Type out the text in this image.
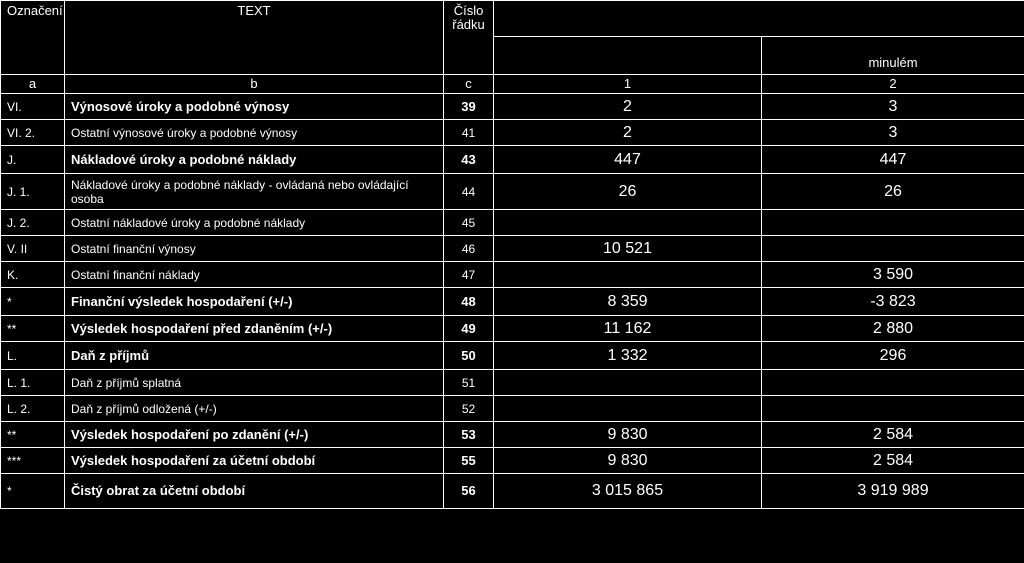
Označení	TEXT	Číslo řádku		
				minulém
a	b	c	1	2
VI.	Výnosové úroky a podobné výnosy	39	2	3
VI. 2.	Ostatní výnosové úroky a podobné výnosy	41	2	3
J.	Nákladové úroky a podobné náklady	43	447	447
J. 1.	Nákladové úroky a podobné náklady - ovládaná nebo ovládající osoba	44	26	26
J. 2.	Ostatní nákladové úroky a podobné náklady	45		
V. II	Ostatní finanční výnosy	46	10 521	
K.	Ostatní finanční náklady	47		3 590
*	Finanční výsledek hospodaření (+/-)	48	8 359	-3 823
**	Výsledek hospodaření před zdaněním (+/-)	49	11 162	2 880
L.	Daň z příjmů	50	1 332	296
L. 1.	Daň z příjmů splatná	51		
L. 2.	Daň z příjmů odložená (+/-)	52		
**	Výsledek hospodaření po zdanění (+/-)	53	9 830	2 584
***	Výsledek hospodaření za účetní období	55	9 830	2 584
*	Čistý obrat za účetní období	56	3 015 865	3 919 989
